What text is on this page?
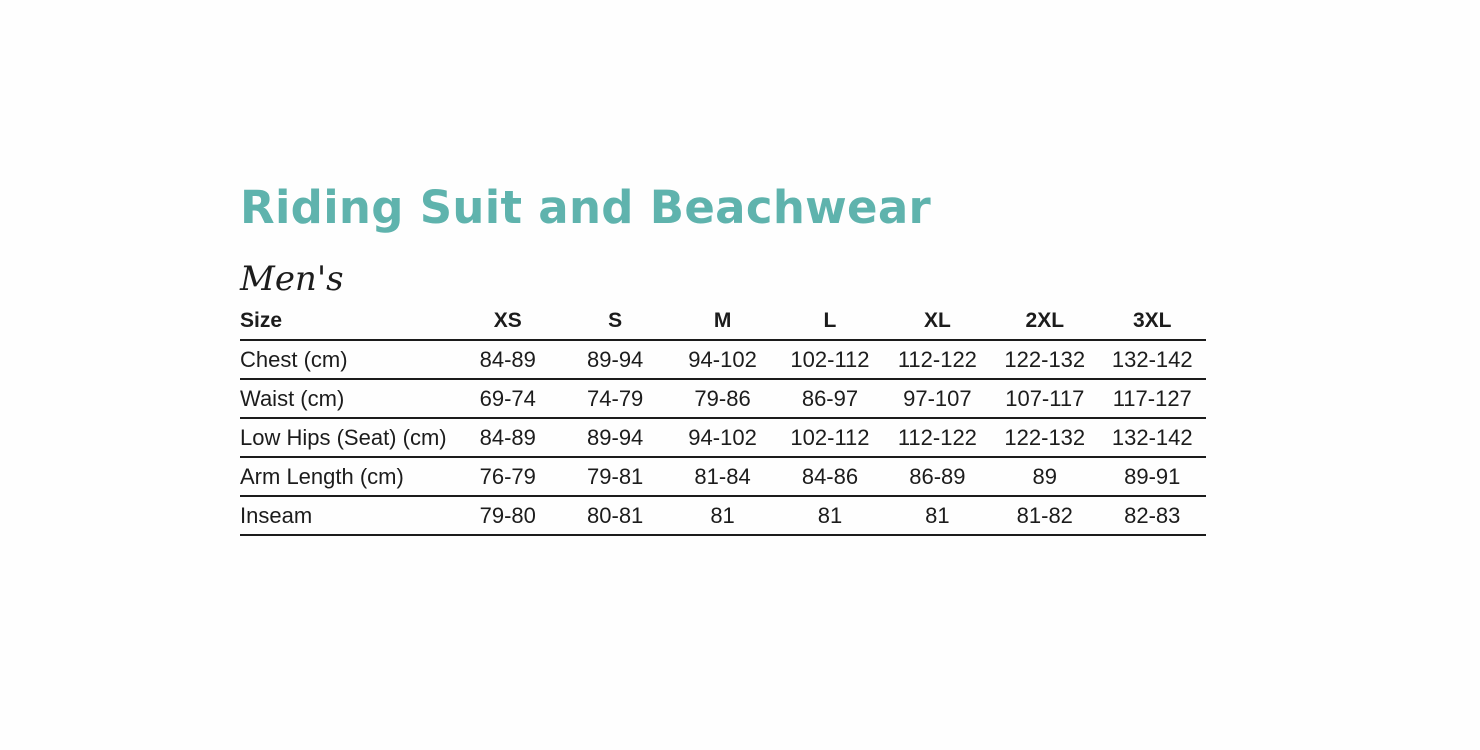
Riding Suit and Beachwear
Men's
Size	XS	S	M	L	XL	2XL	3XL
Chest (cm)	84-89	89-94	94-102	102-112	112-122	122-132	132-142
Waist (cm)	69-74	74-79	79-86	86-97	97-107	107-117	117-127
Low Hips (Seat) (cm)	84-89	89-94	94-102	102-112	112-122	122-132	132-142
Arm Length (cm)	76-79	79-81	81-84	84-86	86-89	89	89-91
Inseam	79-80	80-81	81	81	81	81-82	82-83
